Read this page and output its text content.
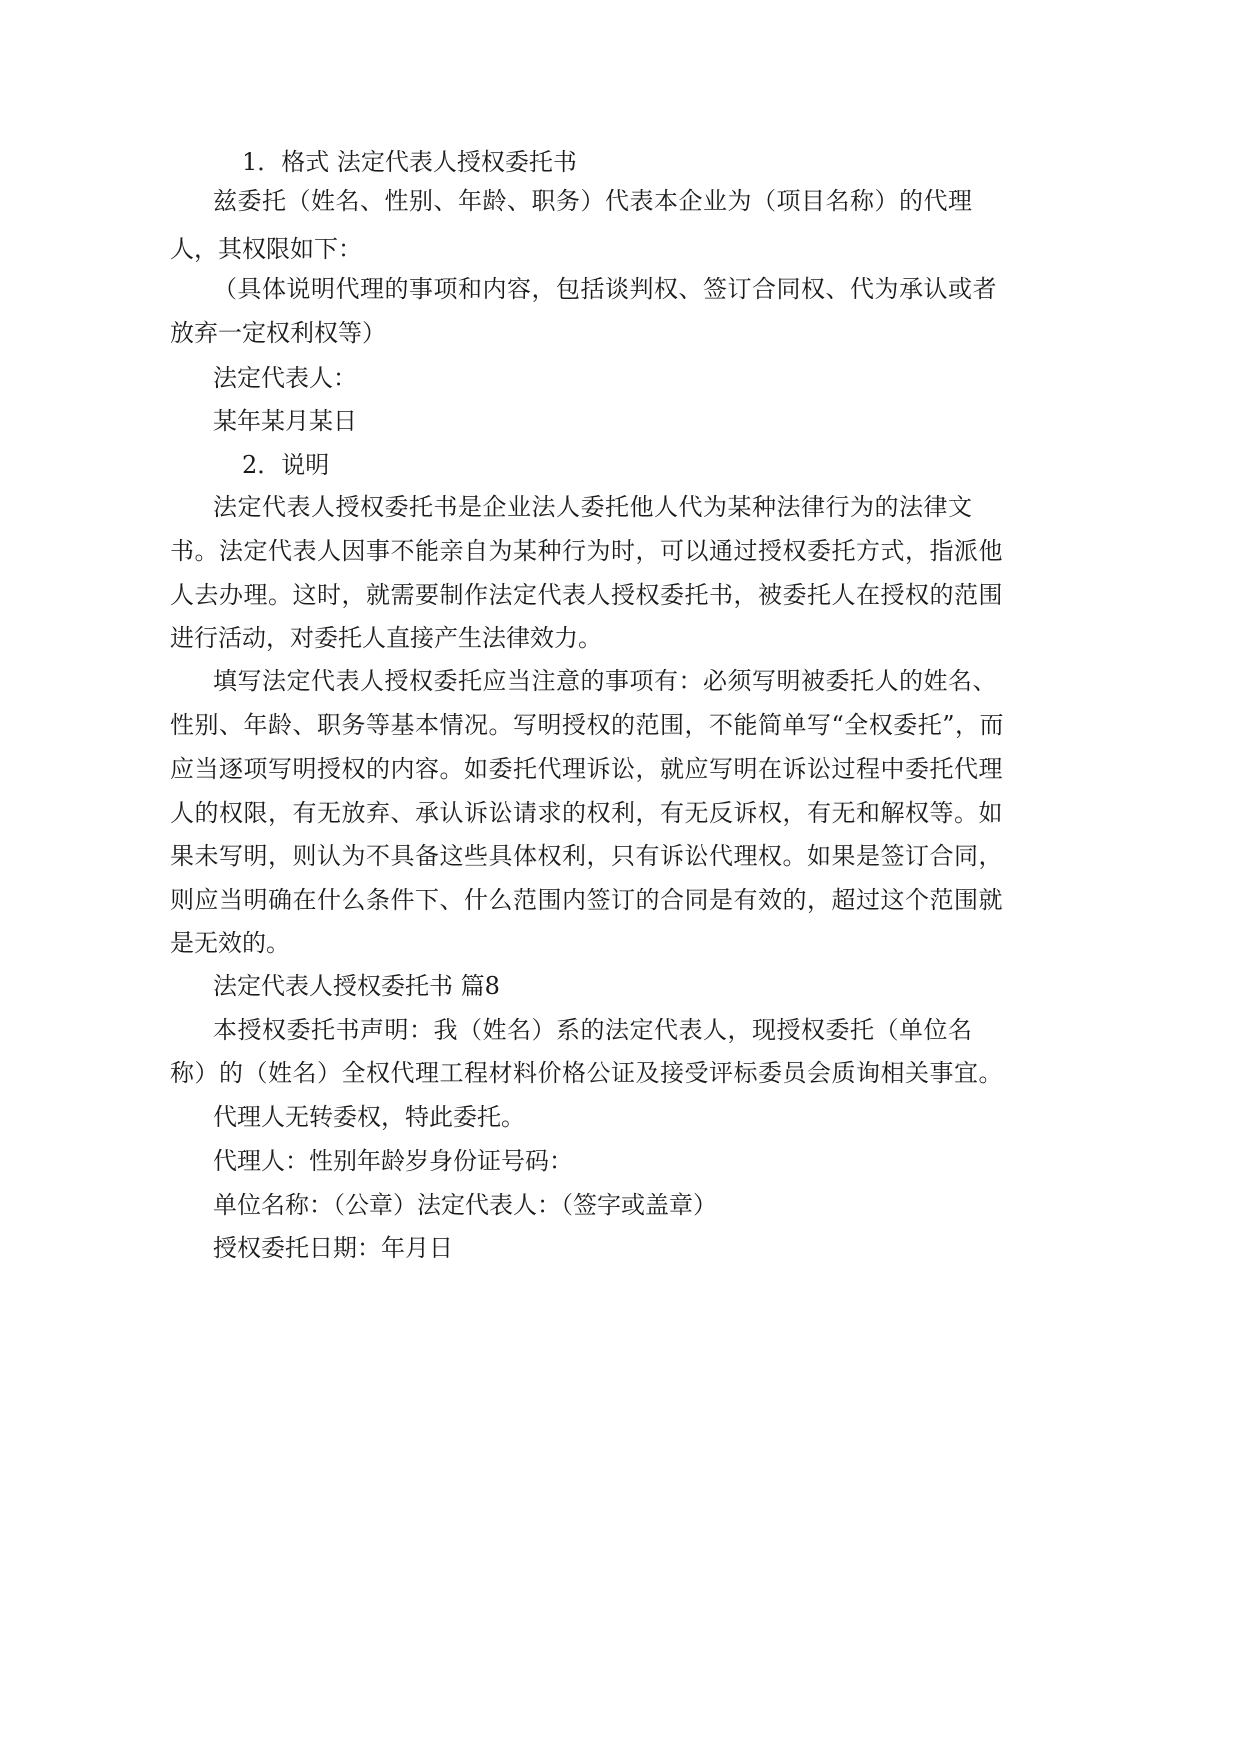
1．格式 法定代表人授权委托书

兹委托（姓名、性别、年龄、职务）代表本企业为（项目名称）的代理

人，其权限如下：

（具体说明代理的事项和内容，包括谈判权、签订合同权、代为承认或者

放弃一定权利权等）

法定代表人：

某年某月某日

2．说明

法定代表人授权委托书是企业法人委托他人代为某种法律行为的法律文

书。法定代表人因事不能亲自为某种行为时，可以通过授权委托方式，指派他

人去办理。这时，就需要制作法定代表人授权委托书，被委托人在授权的范围

进行活动，对委托人直接产生法律效力。

填写法定代表人授权委托应当注意的事项有：必须写明被委托人的姓名、

性别、年龄、职务等基本情况。写明授权的范围，不能简单写“全权委托”，而

应当逐项写明授权的内容。如委托代理诉讼，就应写明在诉讼过程中委托代理

人的权限，有无放弃、承认诉讼请求的权利，有无反诉权，有无和解权等。如

果未写明，则认为不具备这些具体权利，只有诉讼代理权。如果是签订合同，

则应当明确在什么条件下、什么范围内签订的合同是有效的，超过这个范围就

是无效的。

法定代表人授权委托书 篇8

本授权委托书声明：我（姓名）系的法定代表人，现授权委托（单位名

称）的（姓名）全权代理工程材料价格公证及接受评标委员会质询相关事宜。

代理人无转委权，特此委托。

代理人：性别年龄岁身份证号码：

单位名称：（公章）法定代表人：（签字或盖章）

授权委托日期：年月日
